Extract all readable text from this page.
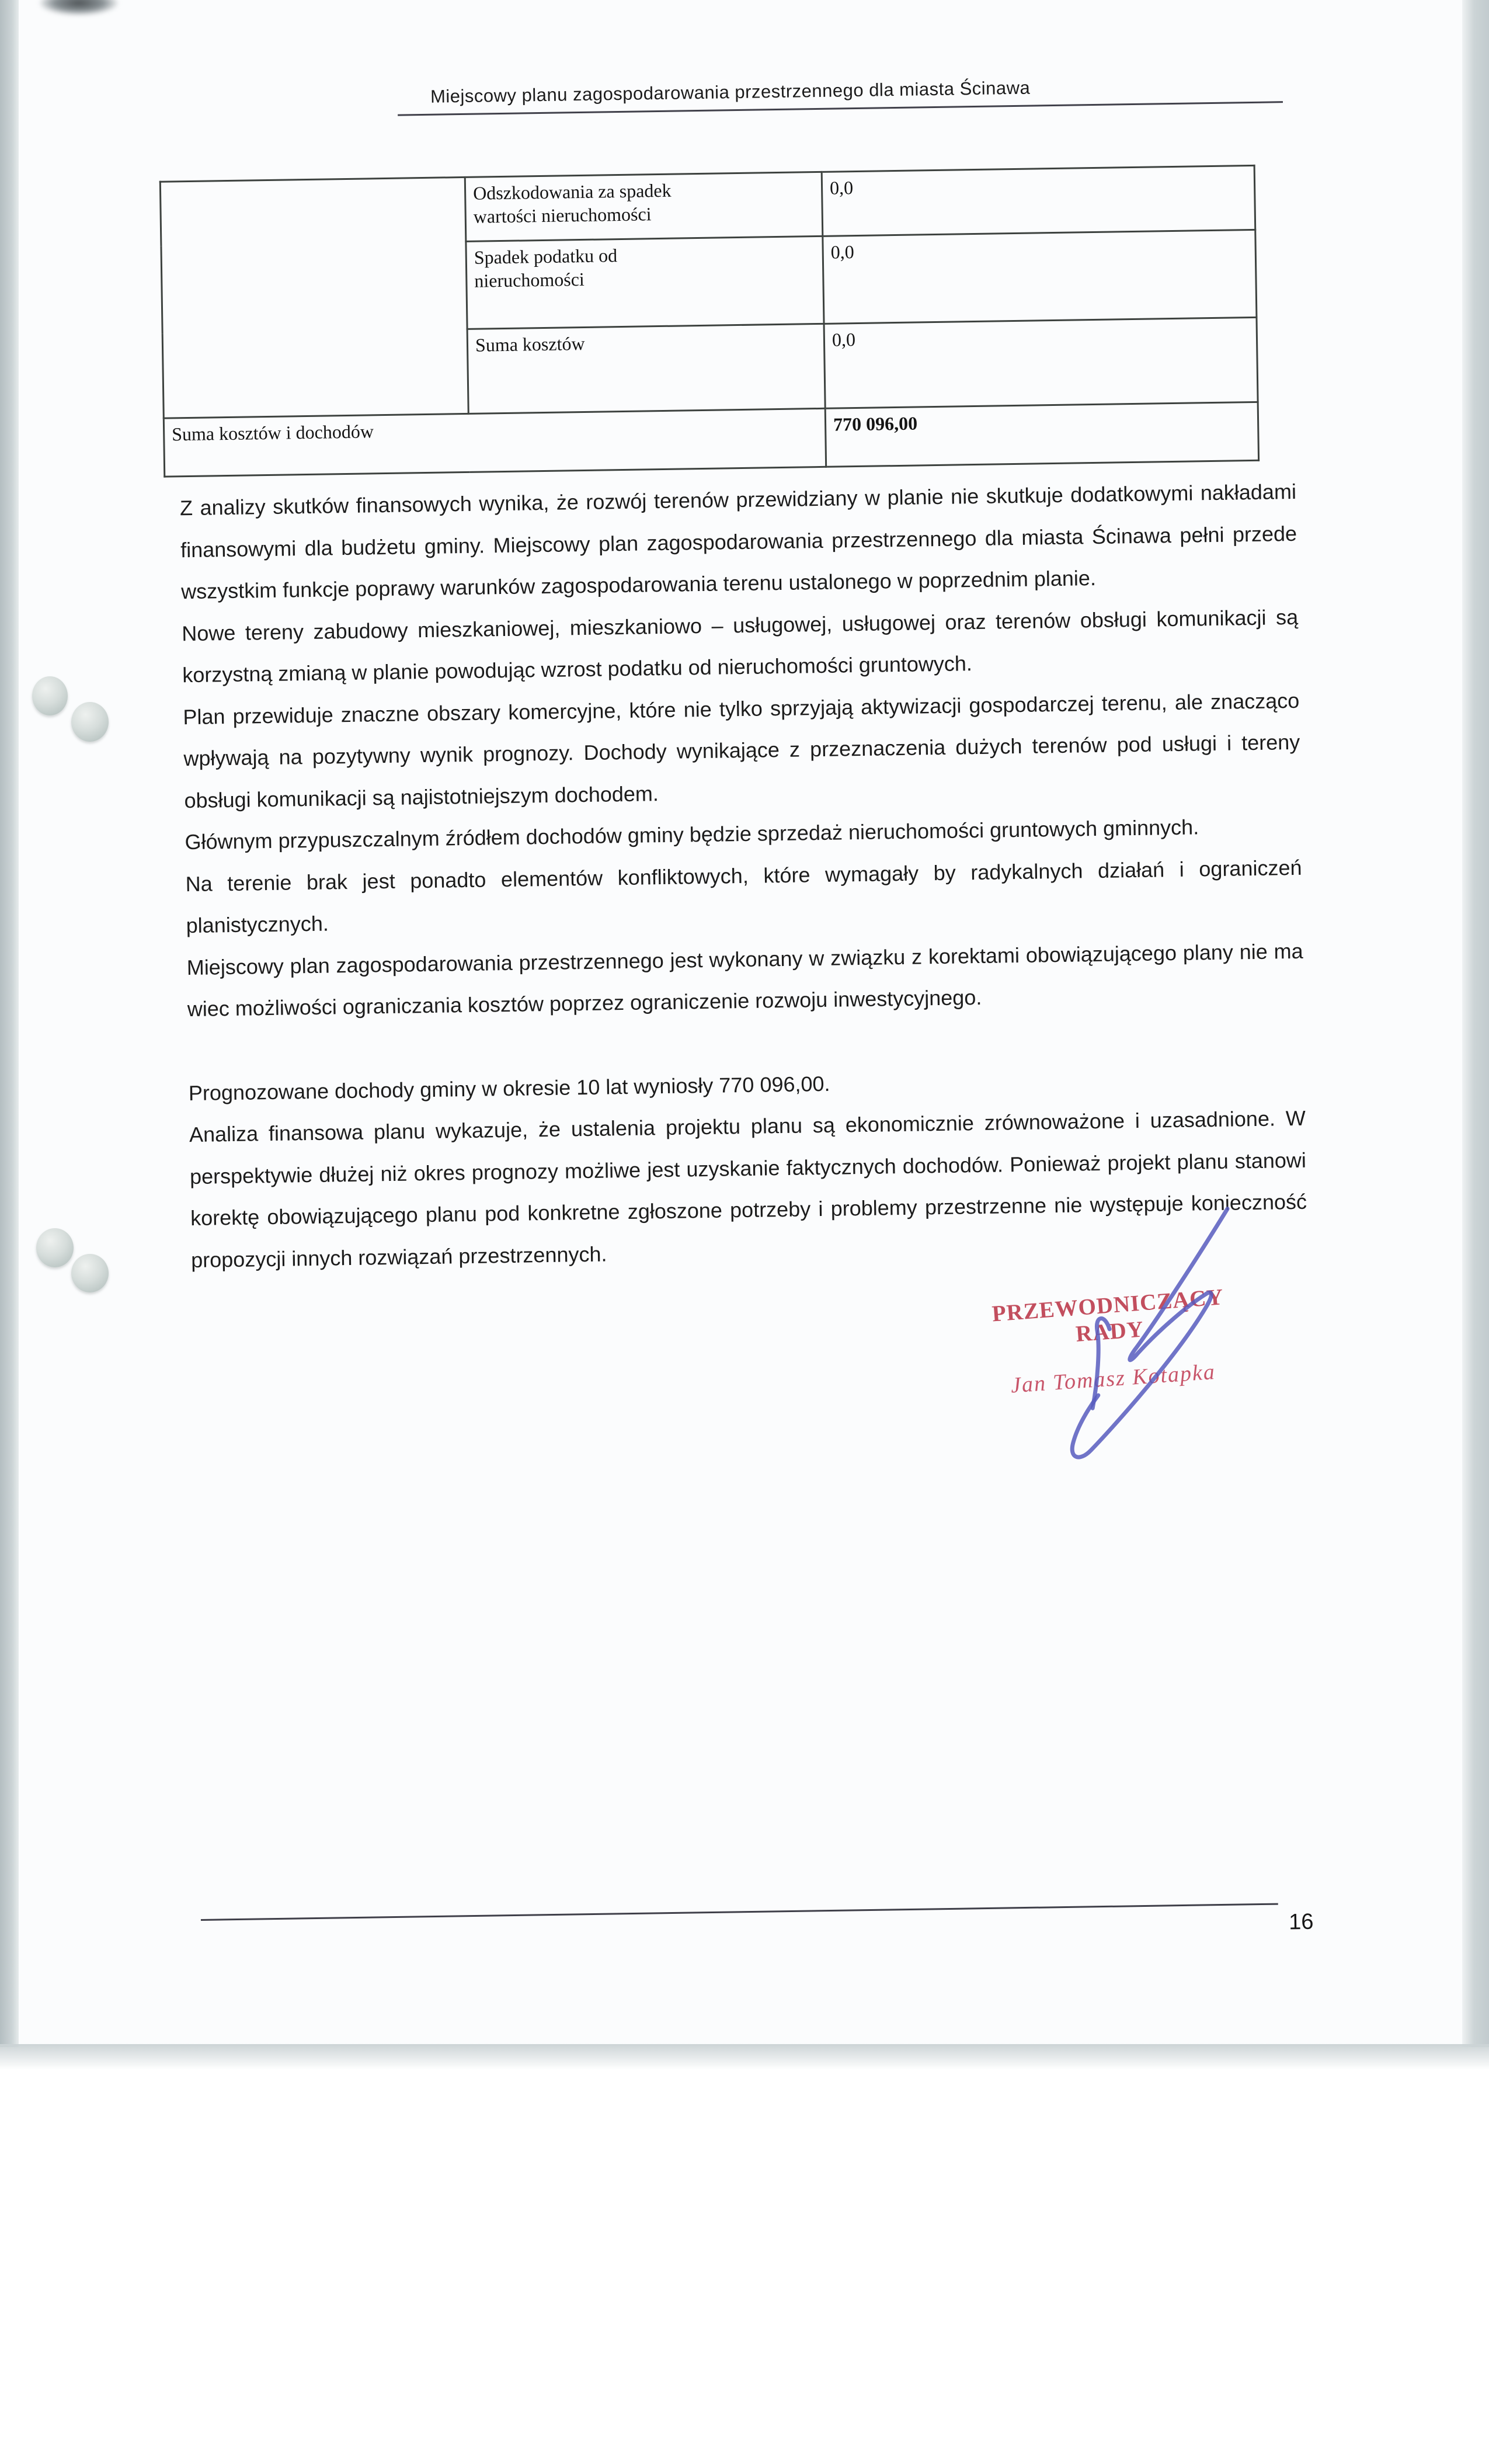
Miejscowy planu zagospodarowania przestrzennego dla miasta Ścinawa

	Odszkodowania za spadek wartości nieruchomości	0,0

	Spadek podatku od nieruchomości	0,0

	Suma kosztów	0,0
Suma kosztów i dochodów		770 096,00

Z analizy skutków finansowych wynika, że rozwój terenów przewidziany w planie nie skutkuje dodatkowymi nakładami finansowymi dla budżetu gminy. Miejscowy plan zagospodarowania przestrzennego dla miasta Ścinawa pełni przede wszystkim funkcje poprawy warunków zagospodarowania terenu ustalonego w poprzednim planie.

Nowe tereny zabudowy mieszkaniowej, mieszkaniowo – usługowej, usługowej oraz terenów obsługi komunikacji są korzystną zmianą w planie powodując wzrost podatku od nieruchomości gruntowych.

Plan przewiduje znaczne obszary komercyjne, które nie tylko sprzyjają aktywizacji gospodarczej terenu, ale znacząco wpływają na pozytywny wynik prognozy. Dochody wynikające z przeznaczenia dużych terenów pod usługi i tereny obsługi komunikacji są najistotniejszym dochodem.

Głównym przypuszczalnym źródłem dochodów gminy będzie sprzedaż nieruchomości gruntowych gminnych.

Na terenie brak jest ponadto elementów konfliktowych, które wymagały by radykalnych działań i ograniczeń planistycznych.

Miejscowy plan zagospodarowania przestrzennego jest wykonany w związku z korektami obowiązującego plany nie ma wiec możliwości ograniczania kosztów poprzez ograniczenie rozwoju inwestycyjnego.

Prognozowane dochody gminy w okresie 10 lat wyniosły 770 096,00.

Analiza finansowa planu wykazuje, że ustalenia projektu planu są ekonomicznie zrównoważone i uzasadnione. W perspektywie dłużej niż okres prognozy możliwe jest uzyskanie faktycznych dochodów. Ponieważ projekt planu stanowi korektę obowiązującego planu pod konkretne zgłoszone potrzeby i problemy przestrzenne nie występuje konieczność propozycji innych rozwiązań przestrzennych.

PRZEWODNICZĄCY RADY
Jan Tomasz Kotapka
16
